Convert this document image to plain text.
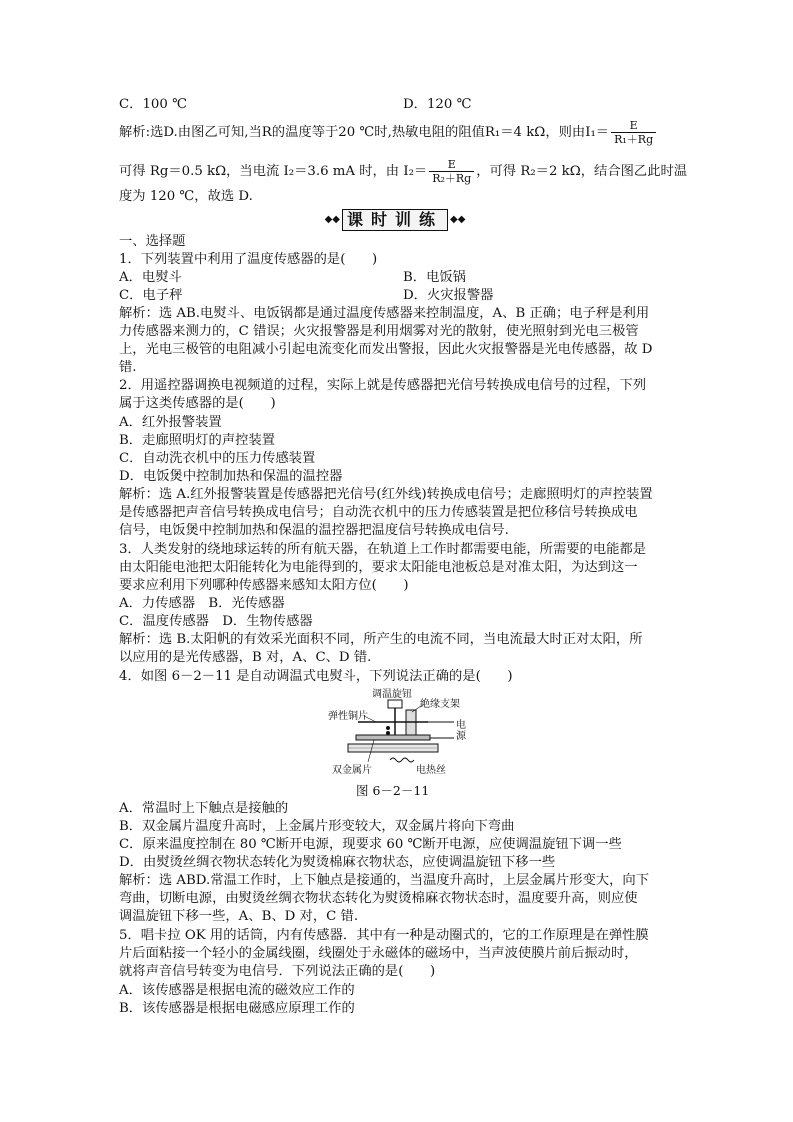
C．100 ℃	D．120 ℃
解析:选D.由图乙可知,当R的温度等于20 ℃时,热敏电阻的阻值R₁＝4 kΩ，则由$I_1= \frac{E}{\text{R₁＋Rg}}$
可得 Rg＝0.5 kΩ，当电流 I₂＝3.6 mA 时，由 $I_2= \frac{E}{\text{R₂＋Rg}}$ ，可得 R₂＝2 kΩ，结合图乙此时温
度为 120 ℃，故选 D.
◆◆ 课时训练 ◆◆
一、选择题
1．下列装置中利用了温度传感器的是(　　)
A．电熨斗	B．电饭锅
C．电子秤	D．火灾报警器
解析：选 AB.电熨斗、电饭锅都是通过温度传感器来控制温度，A、B 正确；电子秤是利用
力传感器来测力的，C 错误；火灾报警器是利用烟雾对光的散射，使光照射到光电三极管
上，光电三极管的电阻减小引起电流变化而发出警报，因此火灾报警器是光电传感器，故 D
错.
2．用遥控器调换电视频道的过程，实际上就是传感器把光信号转换成电信号的过程，下列
属于这类传感器的是(　　)
A．红外报警装置
B．走廊照明灯的声控装置
C．自动洗衣机中的压力传感装置
D．电饭煲中控制加热和保温的温控器
解析：选 A.红外报警装置是传感器把光信号(红外线)转换成电信号；走廊照明灯的声控装置
是传感器把声音信号转换成电信号；自动洗衣机中的压力传感装置是把位移信号转换成电
信号，电饭煲中控制加热和保温的温控器把温度信号转换成电信号.
3．人类发射的绕地球运转的所有航天器，在轨道上工作时都需要电能，所需要的电能都是
由太阳能电池把太阳能转化为电能得到的，要求太阳能电池板总是对准太阳，为达到这一
要求应利用下列哪种传感器来感知太阳方位(　　)
A．力传感器　B．光传感器
C．温度传感器　D．生物传感器
解析：选 B.太阳帆的有效采光面积不同，所产生的电流不同，当电流最大时正对太阳，所
以应用的是光传感器，B 对，A、C、D 错.
4．如图 6－2－11 是自动调温式电熨斗，下列说法正确的是(　　)
调温旋钮
弹性铜片
绝缘支架
电源
双金属片	电热丝
图 6－2－11
A．常温时上下触点是接触的
B．双金属片温度升高时，上金属片形变较大，双金属片将向下弯曲
C．原来温度控制在 80 ℃断开电源，现要求 60 ℃断开电源，应使调温旋钮下调一些
D．由熨烫丝绸衣物状态转化为熨烫棉麻衣物状态，应使调温旋钮下移一些
解析：选 ABD.常温工作时，上下触点是接通的，当温度升高时，上层金属片形变大，向下
弯曲，切断电源，由熨烫丝绸衣物状态转化为熨烫棉麻衣物状态时，温度要升高，则应使
调温旋钮下移一些，A、B、D 对，C 错.
5．唱卡拉 OK 用的话筒，内有传感器．其中有一种是动圈式的，它的工作原理是在弹性膜
片后面粘接一个轻小的金属线圈，线圈处于永磁体的磁场中，当声波使膜片前后振动时，
就将声音信号转变为电信号．下列说法正确的是(　　)
A．该传感器是根据电流的磁效应工作的
B．该传感器是根据电磁感应原理工作的
